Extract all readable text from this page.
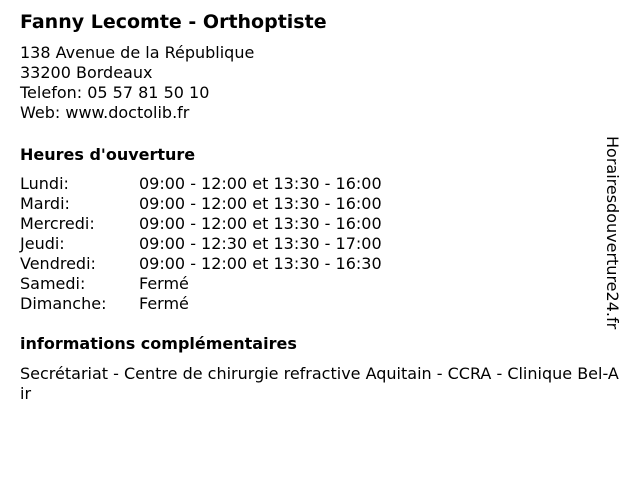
Fanny Lecomte - Orthoptiste
138 Avenue de la République
33200 Bordeaux
Telefon: 05 57 81 50 10
Web: www.doctolib.fr
Heures d'ouverture
Lundi:	09:00 - 12:00 et 13:30 - 16:00
Mardi:	09:00 - 12:00 et 13:30 - 16:00
Mercredi:	09:00 - 12:00 et 13:30 - 16:00
Jeudi:	09:00 - 12:30 et 13:30 - 17:00
Vendredi:	09:00 - 12:00 et 13:30 - 16:30
Samedi:	Fermé
Dimanche: Fermé
informations complémentaires
Secrétariat - Centre de chirurgie refractive Aquitain - CCRA - Clinique Bel-Air
Horairesdouverture24.fr
